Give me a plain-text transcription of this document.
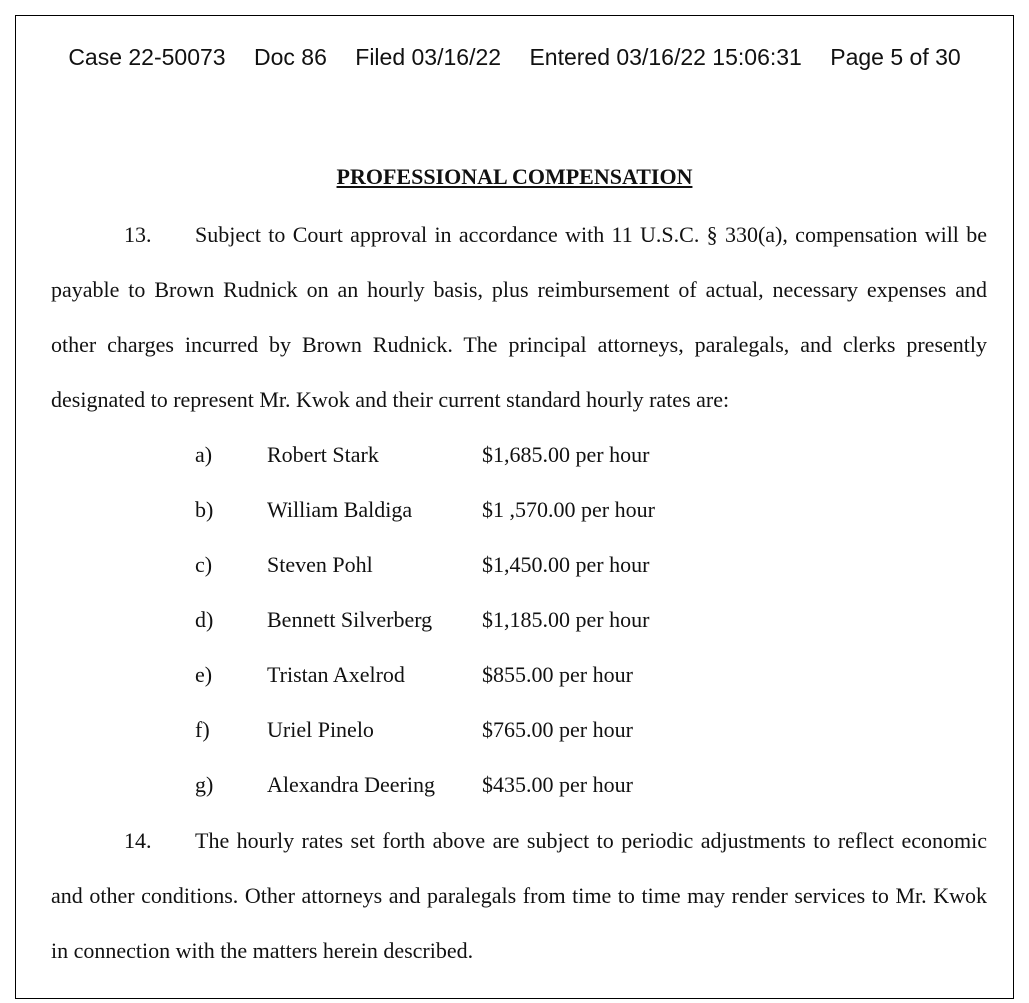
Case 22-50073 Doc 86 Filed 03/16/22 Entered 03/16/22 15:06:31 Page 5 of 30
PROFESSIONAL COMPENSATION
13. Subject to Court approval in accordance with 11 U.S.C. § 330(a), compensation will be payable to Brown Rudnick on an hourly basis, plus reimbursement of actual, necessary expenses and other charges incurred by Brown Rudnick. The principal attorneys, paralegals, and clerks presently designated to represent Mr. Kwok and their current standard hourly rates are:
a) Robert Stark	$1,685.00 per hour
b) William Baldiga	$1 ,570.00 per hour
c) Steven Pohl	$1,450.00 per hour
d) Bennett Silverberg $1,185.00 per hour
e) Tristan Axelrod	$855.00 per hour
f)	Uriel Pinelo	$765.00 per hour
g) Alexandra Deering $435.00 per hour
14. The hourly rates set forth above are subject to periodic adjustments to reflect economic and other conditions. Other attorneys and paralegals from time to time may render services to Mr. Kwok in connection with the matters herein described.
